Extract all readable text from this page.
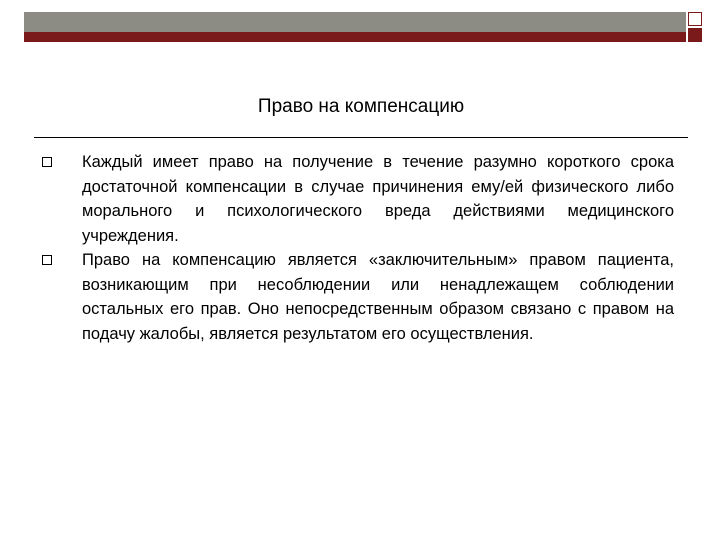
Право на компенсацию
Каждый имеет право на получение в течение разумно короткого срока достаточной компенсации в случае причинения ему/ей физического либо морального и психологического вреда действиями медицинского учреждения.
Право на компенсацию является «заключительным» правом пациента, возникающим при несоблюдении или ненадлежащем соблюдении остальных его прав. Оно непосредственным образом связано с правом на подачу жалобы, является результатом его осуществления.
